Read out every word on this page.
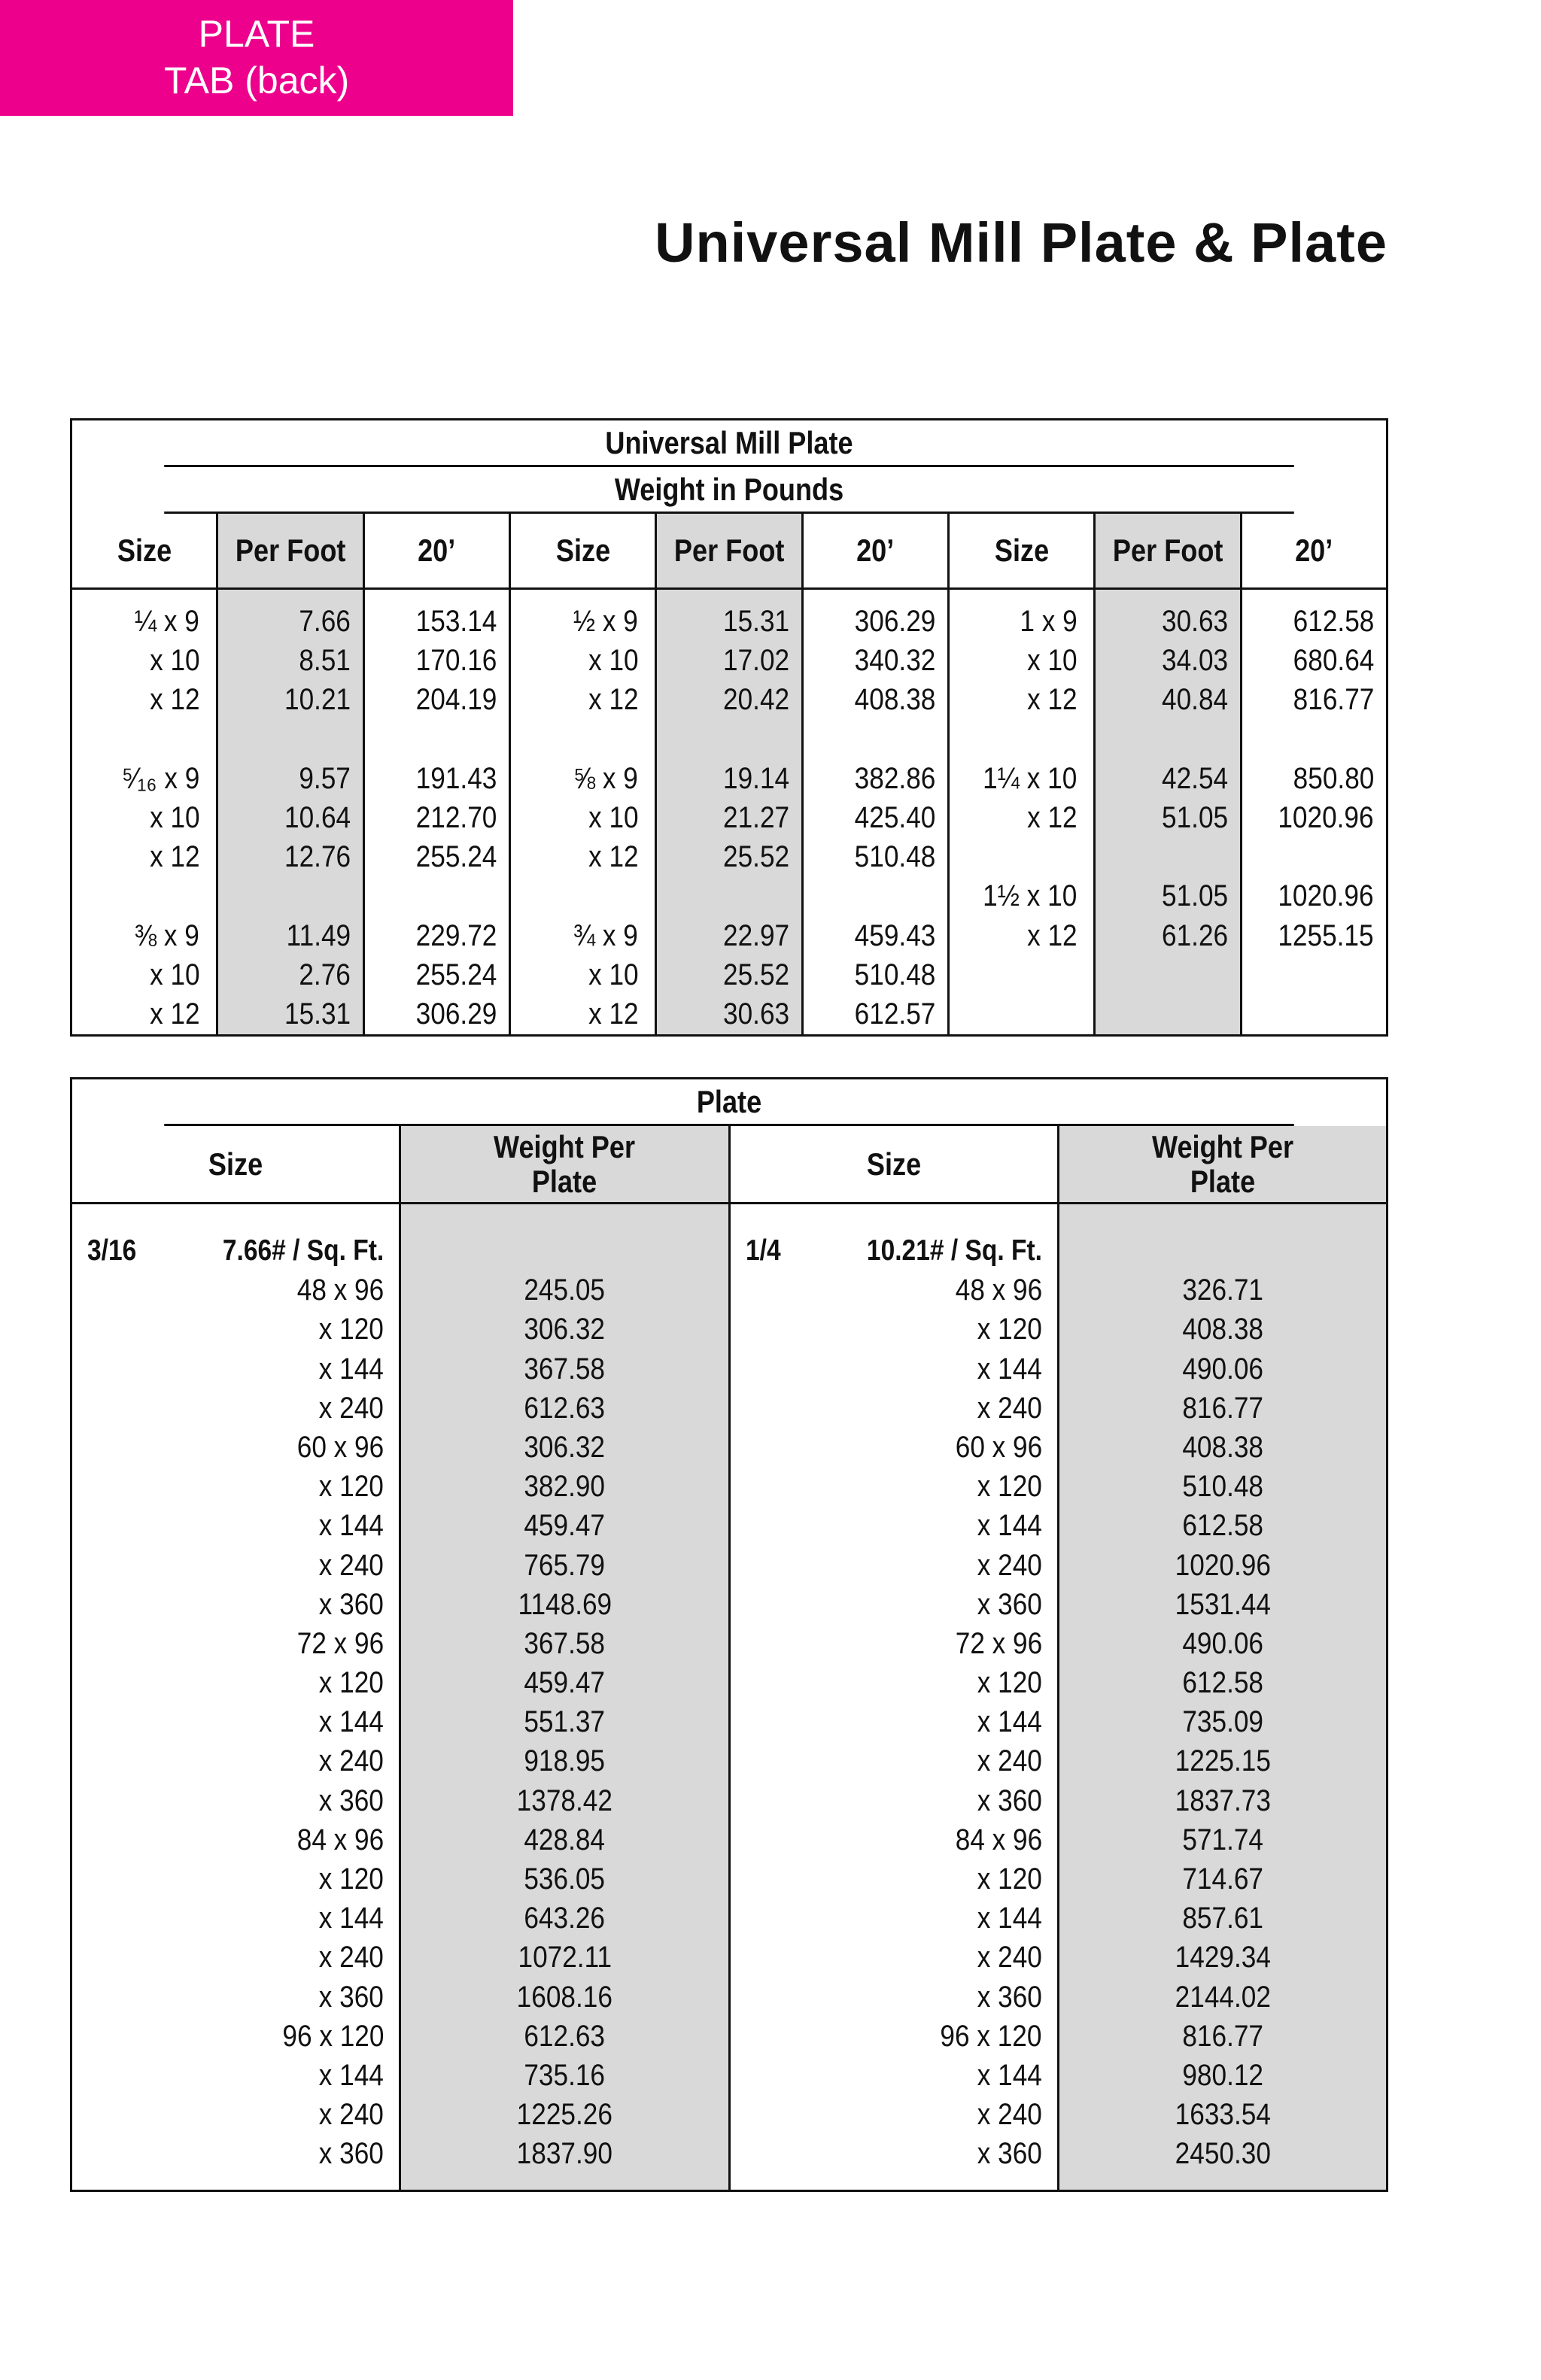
PLATE
TAB (back)
Universal Mill Plate & Plate
Universal Mill Plate
Weight in Pounds
Size
¼ x 9
x 10
x 12
⁵⁄₁₆ x 9
x 10
x 12
⅜ x 9
x 10
x 12
Per Foot
7.66
8.51
10.21
9.57
10.64
12.76
11.49
2.76
15.31
20’
153.14
170.16
204.19
191.43
212.70
255.24
229.72
255.24
306.29
Size
½ x 9
x 10
x 12
⅝ x 9
x 10
x 12
¾ x 9
x 10
x 12
Per Foot
15.31
17.02
20.42
19.14
21.27
25.52
22.97
25.52
30.63
20’
306.29
340.32
408.38
382.86
425.40
510.48
459.43
510.48
612.57
Size
1 x 9
x 10
x 12
1¼ x 10
x 12
1½ x 10
x 12
Per Foot
30.63
34.03
40.84
42.54
51.05
51.05
61.26
20’
612.58
680.64
816.77
850.80
1020.96
1020.96
1255.15
Plate
Size
3/16	7.66# / Sq. Ft.
48 x 96
x 120
x 144
x 240
60 x 96
x 120
x 144
x 240
x 360
72 x 96
x 120
x 144
x 240
x 360
84 x 96
x 120
x 144
x 240
x 360
96 x 120
x 144
x 240
x 360
Weight Per Plate
245.05
306.32
367.58
612.63
306.32
382.90
459.47
765.79
1148.69
367.58
459.47
551.37
918.95
1378.42
428.84
536.05
643.26
1072.11
1608.16
612.63
735.16
1225.26
1837.90
Size
1/4	10.21# / Sq. Ft.
48 x 96
x 120
x 144
x 240
60 x 96
x 120
x 144
x 240
x 360
72 x 96
x 120
x 144
x 240
x 360
84 x 96
x 120
x 144
x 240
x 360
96 x 120
x 144
x 240
x 360
Weight Per Plate
326.71
408.38
490.06
816.77
408.38
510.48
612.58
1020.96
1531.44
490.06
612.58
735.09
1225.15
1837.73
571.74
714.67
857.61
1429.34
2144.02
816.77
980.12
1633.54
2450.30
